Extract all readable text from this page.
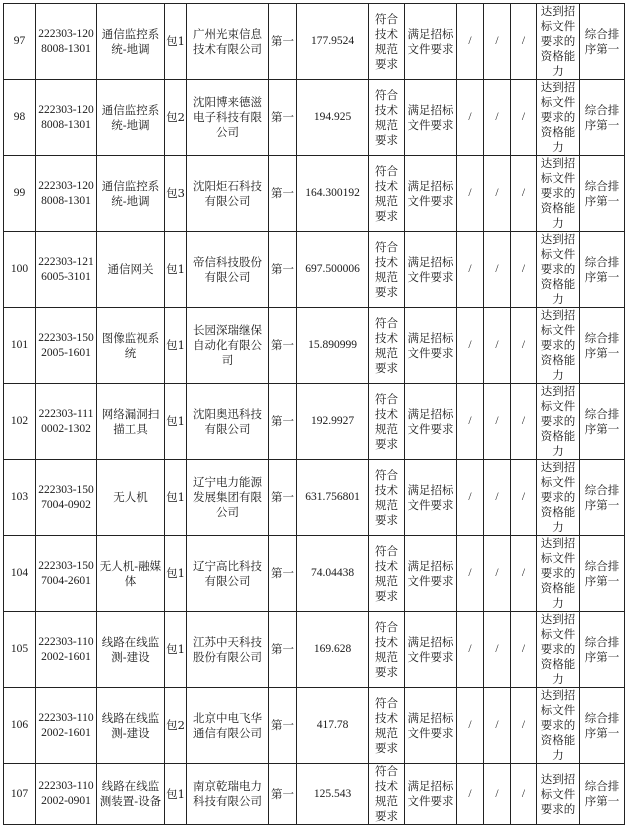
97	222303-1208008-1301	通信监控系统-地调	包1	广州光束信息技术有限公司	第一	177.9524	符合技术规范要求	满足招标文件要求	/	/	/	达到招标文件要求的资格能力	综合排序第一
98	222303-1208008-1301	通信监控系统-地调	包2	沈阳博来德滋电子科技有限公司	第一	194.925	符合技术规范要求	满足招标文件要求	/	/	/	达到招标文件要求的资格能力	综合排序第一
99	222303-1208008-1301	通信监控系统-地调	包3	沈阳炬石科技有限公司	第一	164.300192	符合技术规范要求	满足招标文件要求	/	/	/	达到招标文件要求的资格能力	综合排序第一
100	222303-1216005-3101	通信网关	包1	帝信科技股份有限公司	第一	697.500006	符合技术规范要求	满足招标文件要求	/	/	/	达到招标文件要求的资格能力	综合排序第一
101	222303-1502005-1601	图像监视系统	包1	长园深瑞继保自动化有限公司	第一	15.890999	符合技术规范要求	满足招标文件要求	/	/	/	达到招标文件要求的资格能力	综合排序第一
102	222303-1110002-1302	网络漏洞扫描工具	包1	沈阳奥迅科技有限公司	第一	192.9927	符合技术规范要求	满足招标文件要求	/	/	/	达到招标文件要求的资格能力	综合排序第一
103	222303-1507004-0902	无人机	包1	辽宁电力能源发展集团有限公司	第一	631.756801	符合技术规范要求	满足招标文件要求	/	/	/	达到招标文件要求的资格能力	综合排序第一
104	222303-1507004-2601	无人机-融媒体	包1	辽宁高比科技有限公司	第一	74.04438	符合技术规范要求	满足招标文件要求	/	/	/	达到招标文件要求的资格能力	综合排序第一
105	222303-1102002-1601	线路在线监测-建设	包1	江苏中天科技股份有限公司	第一	169.628	符合技术规范要求	满足招标文件要求	/	/	/	达到招标文件要求的资格能力	综合排序第一
106	222303-1102002-1601	线路在线监测-建设	包2	北京中电飞华通信有限公司	第一	417.78	符合技术规范要求	满足招标文件要求	/	/	/	达到招标文件要求的资格能力	综合排序第一
107	222303-1102002-0901	线路在线监测装置-设备	包1	南京乾瑞电力科技有限公司	第一	125.543	符合技术规范要求	满足招标文件要求	/	/	/	达到招标文件要求的	综合排序第一
